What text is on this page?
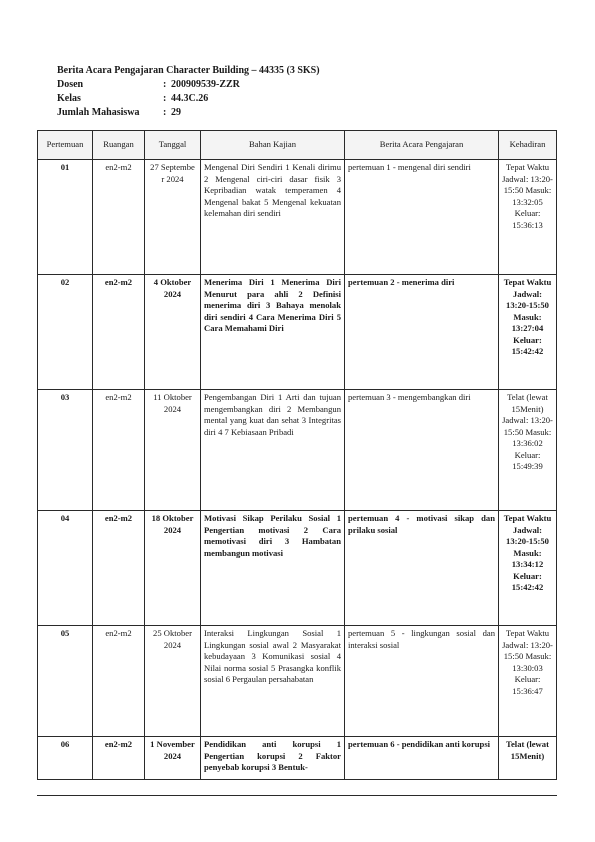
Berita Acara Pengajaran Character Building – 44335 (3 SKS)
Dosen	: 200909539-ZZR
Kelas	: 44.3C.26
Jumlah Mahasiswa	: 29
Pertemuan	Ruangan	Tanggal	Bahan Kajian	Berita Acara Pengajaran	Kehadiran
01	en2-m2	27 Septembe r 2024	Mengenal Diri Sendiri 1 Kenali dirimu 2 Mengenal ciri-ciri dasar fisik 3 Kepribadian watak temperamen 4 Mengenal bakat 5 Mengenal kekuatan kelemahan diri sendiri	pertemuan 1 - mengenal diri sendiri	Tepat Waktu Jadwal: 13:20-15:50 Masuk: 13:32:05 Keluar: 15:36:13
02	en2-m2	4 Oktober 2024	Menerima Diri 1 Menerima Diri Menurut para ahli 2 Definisi menerima diri 3 Bahaya menolak diri sendiri 4 Cara Menerima Diri 5 Cara Memahami Diri	pertemuan 2 - menerima diri	Tepat Waktu Jadwal: 13:20-15:50 Masuk: 13:27:04 Keluar: 15:42:42
03	en2-m2	11 Oktober 2024	Pengembangan Diri 1 Arti dan tujuan mengembangkan diri 2 Membangun mental yang kuat dan sehat 3 Integritas diri 4 7 Kebiasaan Pribadi	pertemuan 3 - mengembangkan diri	Telat (lewat 15Menit) Jadwal: 13:20-15:50 Masuk: 13:36:02 Keluar: 15:49:39
04	en2-m2	18 Oktober 2024	Motivasi Sikap Perilaku Sosial 1 Pengertian motivasi 2 Cara memotivasi diri 3 Hambatan membangun motivasi	pertemuan 4 - motivasi sikap dan prilaku sosial	Tepat Waktu Jadwal: 13:20-15:50 Masuk: 13:34:12 Keluar: 15:42:42
05	en2-m2	25 Oktober 2024	Interaksi Lingkungan Sosial 1 Lingkungan sosial awal 2 Masyarakat kebudayaan 3 Komunikasi sosial 4 Nilai norma sosial 5 Prasangka konflik sosial 6 Pergaulan persahabatan	pertemuan 5 - lingkungan sosial dan interaksi sosial	Tepat Waktu Jadwal: 13:20-15:50 Masuk: 13:30:03 Keluar: 15:36:47
06	en2-m2	1 November 2024	Pendidikan anti korupsi 1 Pengertian korupsi 2 Faktor penyebab korupsi 3 Bentuk-	pertemuan 6 - pendidikan anti korupsi	Telat (lewat 15Menit)
